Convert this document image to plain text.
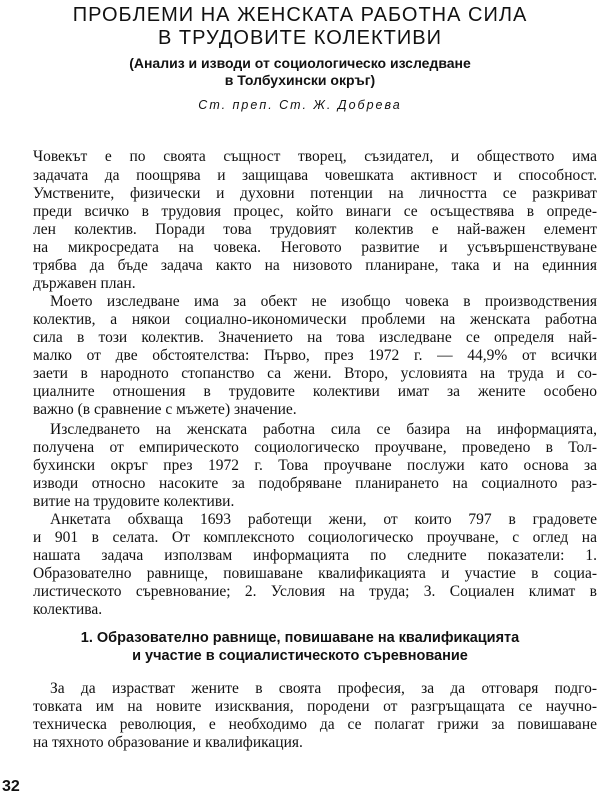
ПРОБЛЕМИ НА ЖЕНСКАТА РАБОТНА СИЛА
В ТРУДОВИТЕ КОЛЕКТИВИ
(Анализ и изводи от социологическо изследване
в Толбухински окръг)
Ст. преп. Ст. Ж. Добрева
Човекът е по своята същност творец, съзидател, и обществото има
задачата да поощрява и защищава човешката активност и способност.
Умствените, физически и духовни потенции на личността се разкриват
преди всичко в трудовия процес, който винаги се осъществява в опреде-
лен колектив. Поради това трудовият колектив е най-важен елемент
на микросредата на човека. Неговото развитие и усъвършенствуване
трябва да бъде задача както на низовото планиране, така и на единния
държавен план.
Моето изследване има за обект не изобщо човека в производствения
колектив, а някои социално-икономически проблеми на женската работна
сила в този колектив. Значението на това изследване се определя най-
малко от две обстоятелства: Първо, през 1972 г. — 44,9% от всички
заети в народното стопанство са жени. Второ, условията на труда и со-
циалните отношения в трудовите колективи имат за жените особено
важно (в сравнение с мъжете) значение.
Изследването на женската работна сила се базира на информацията,
получена от емпирическото социологическо проучване, проведено в Тол-
бухински окръг през 1972 г. Това проучване послужи като основа за
изводи относно насоките за подобряване планирането на социалното раз-
витие на трудовите колективи.
Анкетата обхваща 1693 работещи жени, от които 797 в градовете
и 901 в селата. От комплексното социологическо проучване, с оглед на
нашата задача използвам информацията по следните показатели: 1.
Образователно равнище, повишаване квалификацията и участие в социа-
листическото съревнование; 2. Условия на труда; 3. Социален климат в
колектива.
1. Образователно равнище, повишаване на квалификацията
и участие в социалистическото съревнование
За да израстват жените в своята професия, за да отговаря подго-
товката им на новите изисквания, породени от разгръщащата се научно-
техническа революция, е необходимо да се полагат грижи за повишаване
на тяхното образование и квалификация.
32
